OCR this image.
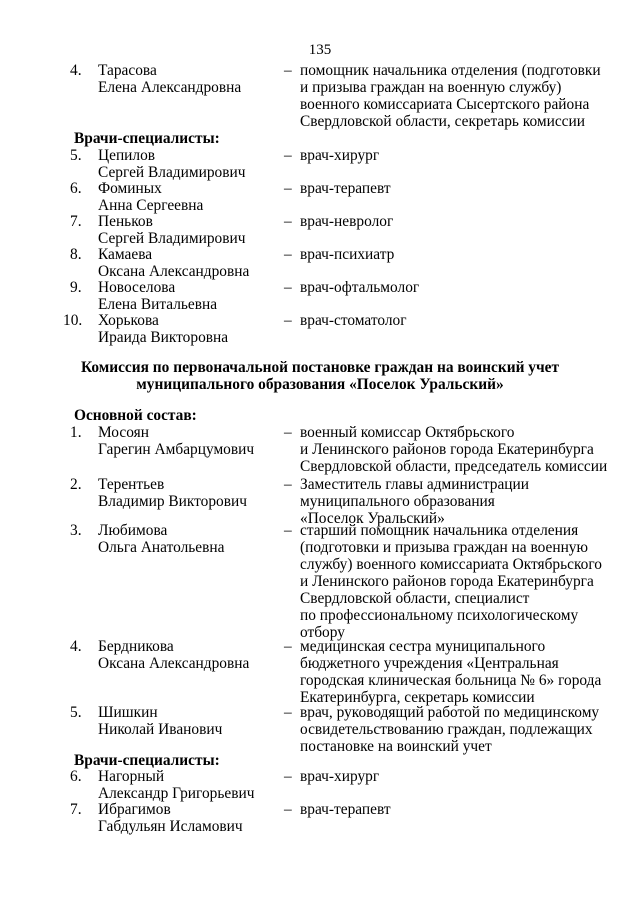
135
4.	Тарасова
Елена Александровна
– помощник начальника отделения (подготовки
и призыва граждан на военную службу)
военного комиссариата Сысертского района
Свердловской области, секретарь комиссии
Врачи-специалисты:
5.	Цепилов
Сергей Владимирович
– врач-хирург
6.	Фоминых
Анна Сергеевна
– врач-терапевт
7.	Пеньков
Сергей Владимирович
– врач-невролог
8.	Камаева
Оксана Александровна
– врач-психиатр
9.	Новоселова
Елена Витальевна
– врач-офтальмолог
10.	Хорькова
Ираида Викторовна
– врач-стоматолог
Комиссия по первоначальной постановке граждан на воинский учет
муниципального образования «Поселок Уральский»
Основной состав:
1.	Мосоян
Гарегин Амбарцумович
– военный комиссар Октябрьского
и Ленинского районов города Екатеринбурга
Свердловской области, председатель комиссии
2.	Терентьев
Владимир Викторович
– Заместитель главы администрации
муниципального образования
«Поселок Уральский»
3.	Любимова
Ольга Анатольевна
– старший помощник начальника отделения
(подготовки и призыва граждан на военную
службу) военного комиссариата Октябрьского
и Ленинского районов города Екатеринбурга
Свердловской области, специалист
по профессиональному психологическому
отбору
4.	Бердникова
Оксана Александровна
– медицинская сестра муниципального
бюджетного учреждения «Центральная
городская клиническая больница № 6» города
Екатеринбурга, секретарь комиссии
5.	Шишкин
Николай Иванович
– врач, руководящий работой по медицинскому
освидетельствованию граждан, подлежащих
постановке на воинский учет
Врачи-специалисты:
6.	Нагорный
Александр Григорьевич
– врач-хирург
7.	Ибрагимов
Габдульян Исламович
– врач-терапевт
